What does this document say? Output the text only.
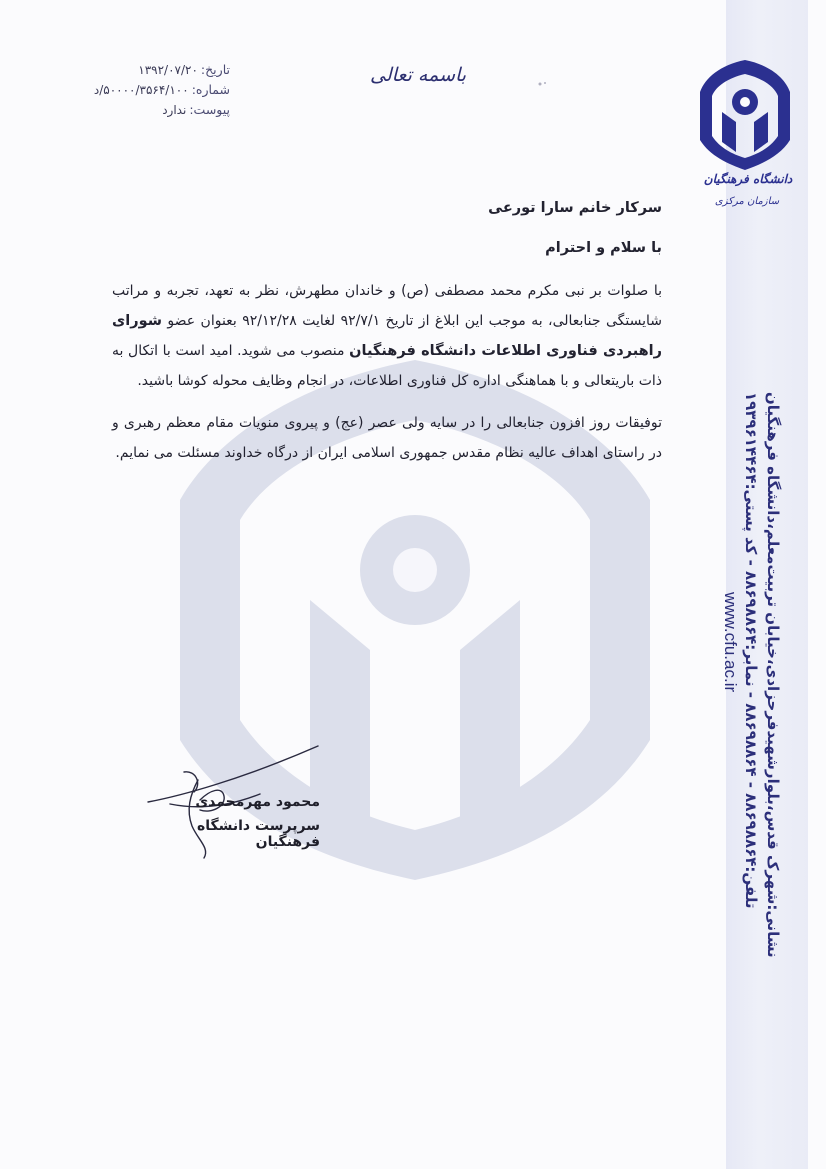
دانشگاه فرهنگیان
سازمان مرکزی
باسمه تعالی
تاریخ:
۱۳۹۲/۰۷/۲۰
شماره:
۵۰۰۰۰/۳۵۶۴/۱۰۰/د
پیوست:
ندارد
سرکار خانم سارا تورعی
با سلام و احترام
با صلوات بر نبی مکرم محمد مصطفی (ص) و خاندان مطهرش، نظر به تعهد، تجربه و مراتب شایستگی جنابعالی، به موجب این ابلاغ از تاریخ ۹۲/۷/۱ لغایت ۹۲/۱۲/۲۸ بعنوان عضو شورای راهبردی فناوری اطلاعات دانشگاه فرهنگیان منصوب می شوید. امید است با اتکال به ذات باریتعالی و با هماهنگی اداره کل فناوری اطلاعات، در انجام وظایف محوله کوشا باشید.
توفیقات روز افزون جنابعالی را در سایه ولی عصر (عج) و پیروی منویات مقام معظم رهبری و در راستای اهداف عالیه نظام مقدس جمهوری اسلامی ایران از درگاه خداوند مسئلت می نمایم.
محمود مهرمحمدی
سرپرست دانشگاه فرهنگیان	نشانی:شهرک قدس،بلوارشهیدفرحزادی،خیابان تربیت‌معلم،دانشگاه فرهنگیان
تلفن:۸۸۶۹۸۸۶۴ - ۸۸۶۹۸۸۶۴ - نمابر:۸۸۶۹۸۸۶۴ - کد پستی:۱۹۳۹۶۱۴۴۶۴
www.cfu.ac.ir
